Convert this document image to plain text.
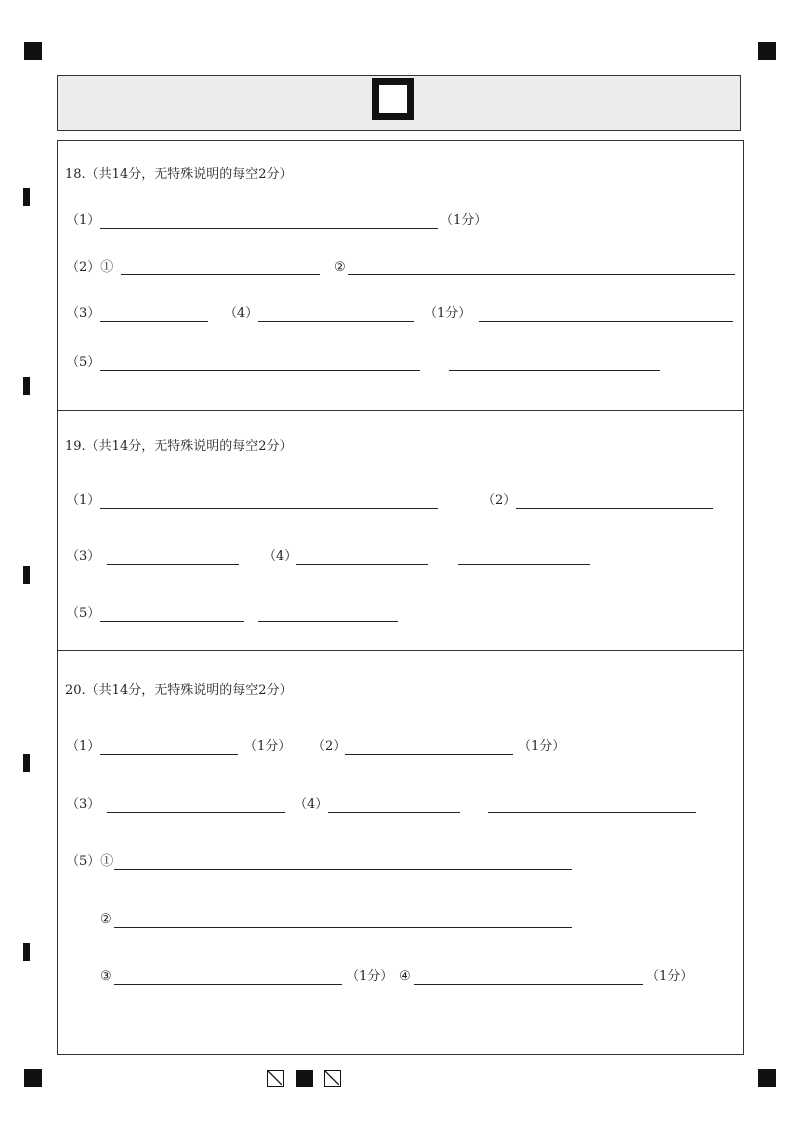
18.（共14分，无特殊说明的每空2分）
（1）	（1分）
（2）①	②
（3）	（4）	（1分）
（5）
19.（共14分，无特殊说明的每空2分）
（1）	（2）
（3）	（4）
（5）
20.（共14分，无特殊说明的每空2分）
（1）	（1分） （2）	（1分）
（3）	（4）
（5）①
②
③	（1分） ④	（1分）
